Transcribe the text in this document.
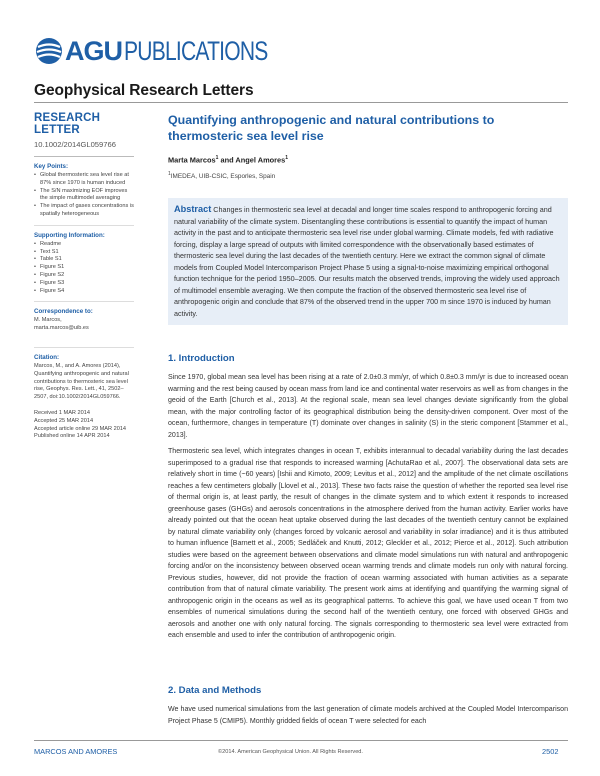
AGU PUBLICATIONS
Geophysical Research Letters
RESEARCH LETTER
10.1002/2014GL059766
Key Points:
• Global thermosteric sea level rise at 87% since 1970 is human induced
• The S/N maximizing EOF improves the simple multimodel averaging
• The impact of gases concentrations is spatially heterogeneous
Supporting Information:
• Readme
• Text S1
• Table S1
• Figure S1
• Figure S2
• Figure S3
• Figure S4
Correspondence to:
M. Marcos,
marta.marcos@uib.es
Citation:
Marcos, M., and A. Amores (2014), Quantifying anthropogenic and natural contributions to thermosteric sea level rise, Geophys. Res. Lett., 41, 2502–2507, doi:10.1002/2014GL059766.
Received 1 MAR 2014
Accepted 25 MAR 2014
Accepted article online 29 MAR 2014
Published online 14 APR 2014
Quantifying anthropogenic and natural contributions to thermosteric sea level rise
Marta Marcos$^1$ and Angel Amores$^1$
$^1$IMEDEA, UIB-CSIC, Esporles, Spain
Abstract Changes in thermosteric sea level at decadal and longer time scales respond to anthropogenic forcing and natural variability of the climate system. Disentangling these contributions is essential to quantify the impact of human activity in the past and to anticipate thermosteric sea level rise under global warming. Climate models, fed with radiative forcing, display a large spread of outputs with limited correspondence with the observationally based estimates of thermosteric sea level during the last decades of the twentieth century. Here we extract the common signal of climate models from Coupled Model Intercomparison Project Phase 5 using a signal-to-noise maximizing empirical orthogonal function technique for the period 1950–2005. Our results match the observed trends, improving the widely used approach of multimodel ensemble averaging. We then compute the fraction of the observed thermosteric sea level rise of anthropogenic origin and conclude that 87% of the observed trend in the upper 700 m since 1970 is induced by human activity.
1. Introduction
Since 1970, global mean sea level has been rising at a rate of 2.0±0.3 mm/yr, of which 0.8±0.3 mm/yr is due to increased ocean warming and the rest being caused by ocean mass from land ice and continental water reservoirs as well as from changes in the geoid of the Earth [Church et al., 2013]. At the regional scale, mean sea level changes deviate significantly from the global mean, with the major controlling factor of its geographical distribution being the density-driven component. Over most of the ocean, furthermore, changes in temperature (T) dominate over changes in salinity (S) in the steric component [Stammer et al., 2013].
Thermosteric sea level, which integrates changes in ocean T, exhibits interannual to decadal variability during the last decades superimposed to a gradual rise that responds to increased warming [AchutaRao et al., 2007]. The observational data sets are relatively short in time (~60 years) [Ishii and Kimoto, 2009; Levitus et al., 2012] and the amplitude of the net climate oscillations reaches a few centimeters globally [Llovel et al., 2013]. These two facts raise the question of whether the reported sea level rise of thermal origin is, at least partly, the result of changes in the climate system and to which extent it responds to increased greenhouse gases (GHGs) and aerosols concentrations in the atmosphere derived from the human activity. Earlier works have already pointed out that the ocean heat uptake observed during the last decades of the twentieth century cannot be explained by natural climate variability only (changes forced by volcanic aerosol and variability in solar irradiance) and it is thus attributed to human influence [Barnett et al., 2005; Sedláček and Knutti, 2012; Gleckler et al., 2012; Pierce et al., 2012]. Such attribution studies were based on the agreement between observations and climate model simulations run with natural and anthropogenic forcing and/or on the inconsistency between observed ocean warming trends and climate models run only with natural forcing. Previous studies, however, did not provide the fraction of ocean warming associated with human activities as a separate contribution from that of natural climate variability. The present work aims at identifying and quantifying the warming signal of anthropogenic origin in the oceans as well as its geographical patterns. To achieve this goal, we have used ocean T from two ensembles of numerical simulations during the second half of the twentieth century, one forced with observed GHGs and aerosols and another one with only natural forcing. The signals corresponding to thermosteric sea level were extracted from each ensemble and used to infer the contribution of anthropogenic origin.
2. Data and Methods
We have used numerical simulations from the last generation of climate models archived at the Coupled Model Intercomparison Project Phase 5 (CMIP5). Monthly gridded fields of ocean T were selected for each
MARCOS AND AMORES	©2014. American Geophysical Union. All Rights Reserved.	2502
